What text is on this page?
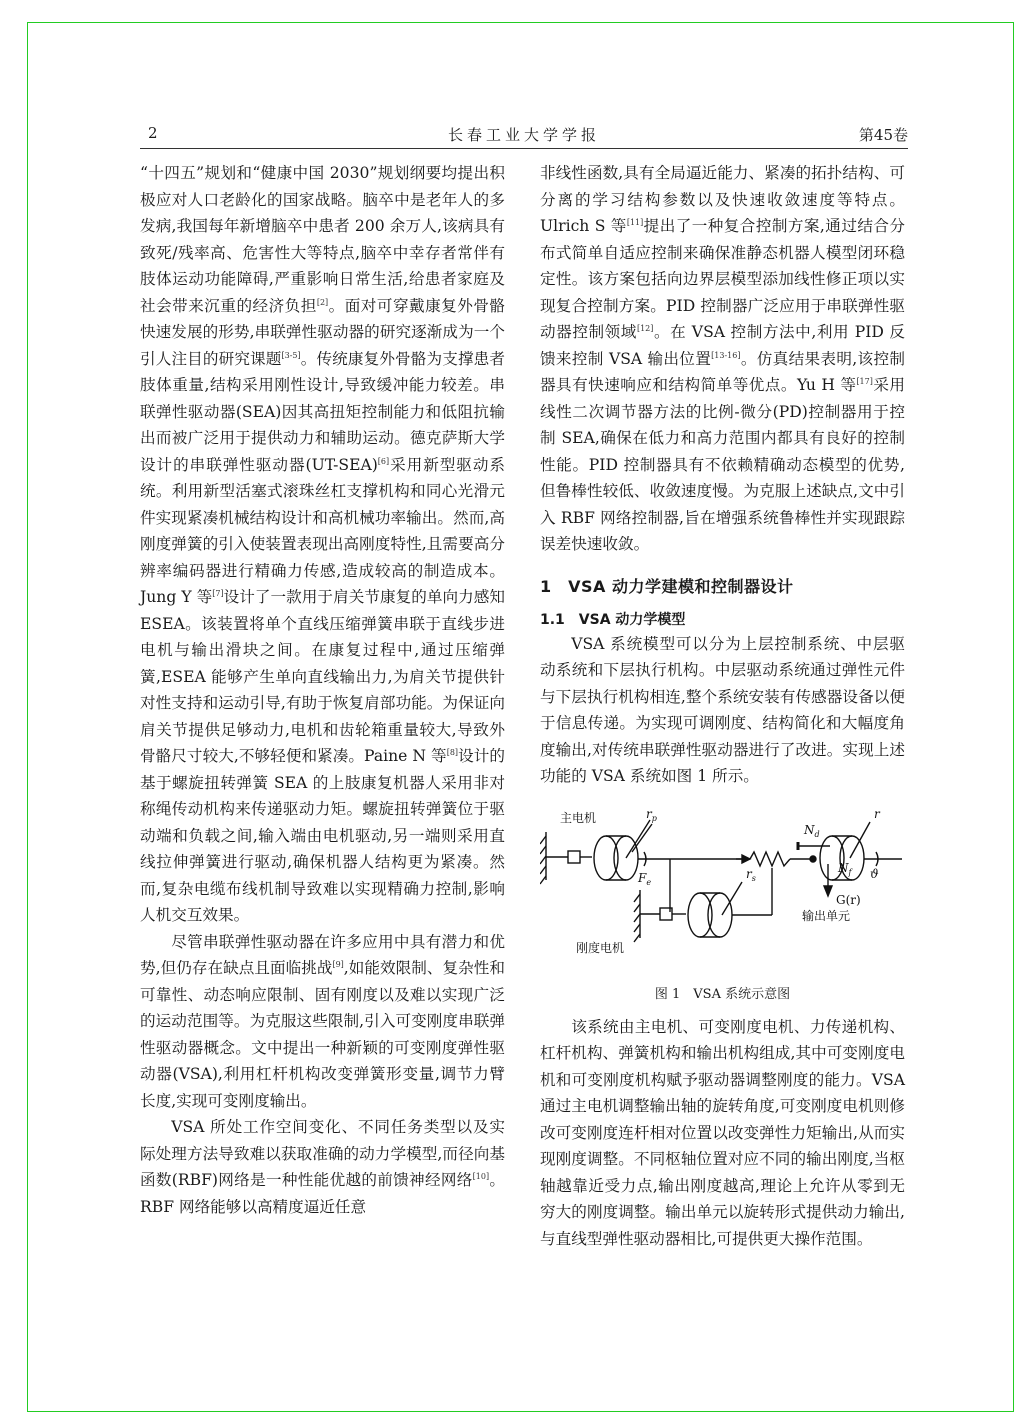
2	长春工业大学学报	第45卷

“十四五”规划和“健康中国 2030”规划纲要均提出积极应对人口老龄化的国家战略。脑卒中是老年人的多发病,我国每年新增脑卒中患者 200 余万人,该病具有致死/残率高、危害性大等特点,脑卒中幸存者常伴有肢体运动功能障碍,严重影响日常生活,给患者家庭及社会带来沉重的经济负担[2]。面对可穿戴康复外骨骼快速发展的形势,串联弹性驱动器的研究逐渐成为一个引人注目的研究课题[3-5]。传统康复外骨骼为支撑患者肢体重量,结构采用刚性设计,导致缓冲能力较差。串联弹性驱动器(SEA)因其高扭矩控制能力和低阻抗输出而被广泛用于提供动力和辅助运动。德克萨斯大学设计的串联弹性驱动器(UT-SEA)[6]采用新型驱动系统。利用新型活塞式滚珠丝杠支撑机构和同心光滑元件实现紧凑机械结构设计和高机械功率输出。然而,高刚度弹簧的引入使装置表现出高刚度特性,且需要高分辨率编码器进行精确力传感,造成较高的制造成本。Jung Y 等[7]设计了一款用于肩关节康复的单向力感知 ESEA。该装置将单个直线压缩弹簧串联于直线步进电机与输出滑块之间。在康复过程中,通过压缩弹簧,ESEA 能够产生单向直线输出力,为肩关节提供针对性支持和运动引导,有助于恢复肩部功能。为保证向肩关节提供足够动力,电机和齿轮箱重量较大,导致外骨骼尺寸较大,不够轻便和紧凑。Paine N 等[8]设计的基于螺旋扭转弹簧 SEA 的上肢康复机器人采用非对称绳传动机构来传递驱动力矩。螺旋扭转弹簧位于驱动端和负载之间,输入端由电机驱动,另一端则采用直线拉伸弹簧进行驱动,确保机器人结构更为紧凑。然而,复杂电缆布线机制导致难以实现精确力控制,影响人机交互效果。

尽管串联弹性驱动器在许多应用中具有潜力和优势,但仍存在缺点且面临挑战[9],如能效限制、复杂性和可靠性、动态响应限制、固有刚度以及难以实现广泛的运动范围等。为克服这些限制,引入可变刚度串联弹性驱动器概念。文中提出一种新颖的可变刚度弹性驱动器(VSA),利用杠杆机构改变弹簧形变量,调节力臂长度,实现可变刚度输出。

VSA 所处工作空间变化、不同任务类型以及实际处理方法导致难以获取准确的动力学模型,而径向基函数(RBF)网络是一种性能优越的前馈神经网络[10]。RBF 网络能够以高精度逼近任意

非线性函数,具有全局逼近能力、紧凑的拓扑结构、可分离的学习结构参数以及快速收敛速度等特点。Ulrich S 等[11]提出了一种复合控制方案,通过结合分布式简单自适应控制来确保准静态机器人模型闭环稳定性。该方案包括向边界层模型添加线性修正项以实现复合控制方案。PID 控制器广泛应用于串联弹性驱动器控制领域[12]。在 VSA 控制方法中,利用 PID 反馈来控制 VSA 输出位置[13-16]。仿真结果表明,该控制器具有快速响应和结构简单等优点。Yu H 等[17]采用线性二次调节器方法的比例-微分(PD)控制器用于控制 SEA,确保在低力和高力范围内都具有良好的控制性能。PID 控制器具有不依赖精确动态模型的优势,但鲁棒性较低、收敛速度慢。为克服上述缺点,文中引入 RBF 网络控制器,旨在增强系统鲁棒性并实现跟踪误差快速收敛。

1　VSA 动力学建模和控制器设计
1.1　VSA 动力学模型

VSA 系统模型可以分为上层控制系统、中层驱动系统和下层执行机构。中层驱动系统通过弹性元件与下层执行机构相连,整个系统安装有传感器设备以便于信息传递。为实现可调刚度、结构简化和大幅度角度输出,对传统串联弹性驱动器进行了改进。实现上述功能的 VSA 系统如图 1 所示。

主电机	$r_p$
$F_e$
$r_s$
$N_d$
$N_f$
r
ϑ
G(r)
输出单元
刚度电机
图 1　VSA 系统示意图

该系统由主电机、可变刚度电机、力传递机构、杠杆机构、弹簧机构和输出机构组成,其中可变刚度电机和可变刚度机构赋予驱动器调整刚度的能力。VSA 通过主电机调整输出轴的旋转角度,可变刚度电机则修改可变刚度连杆相对位置以改变弹性力矩输出,从而实现刚度调整。不同枢轴位置对应不同的输出刚度,当枢轴越靠近受力点,输出刚度越高,理论上允许从零到无穷大的刚度调整。输出单元以旋转形式提供动力输出,与直线型弹性驱动器相比,可提供更大操作范围。
